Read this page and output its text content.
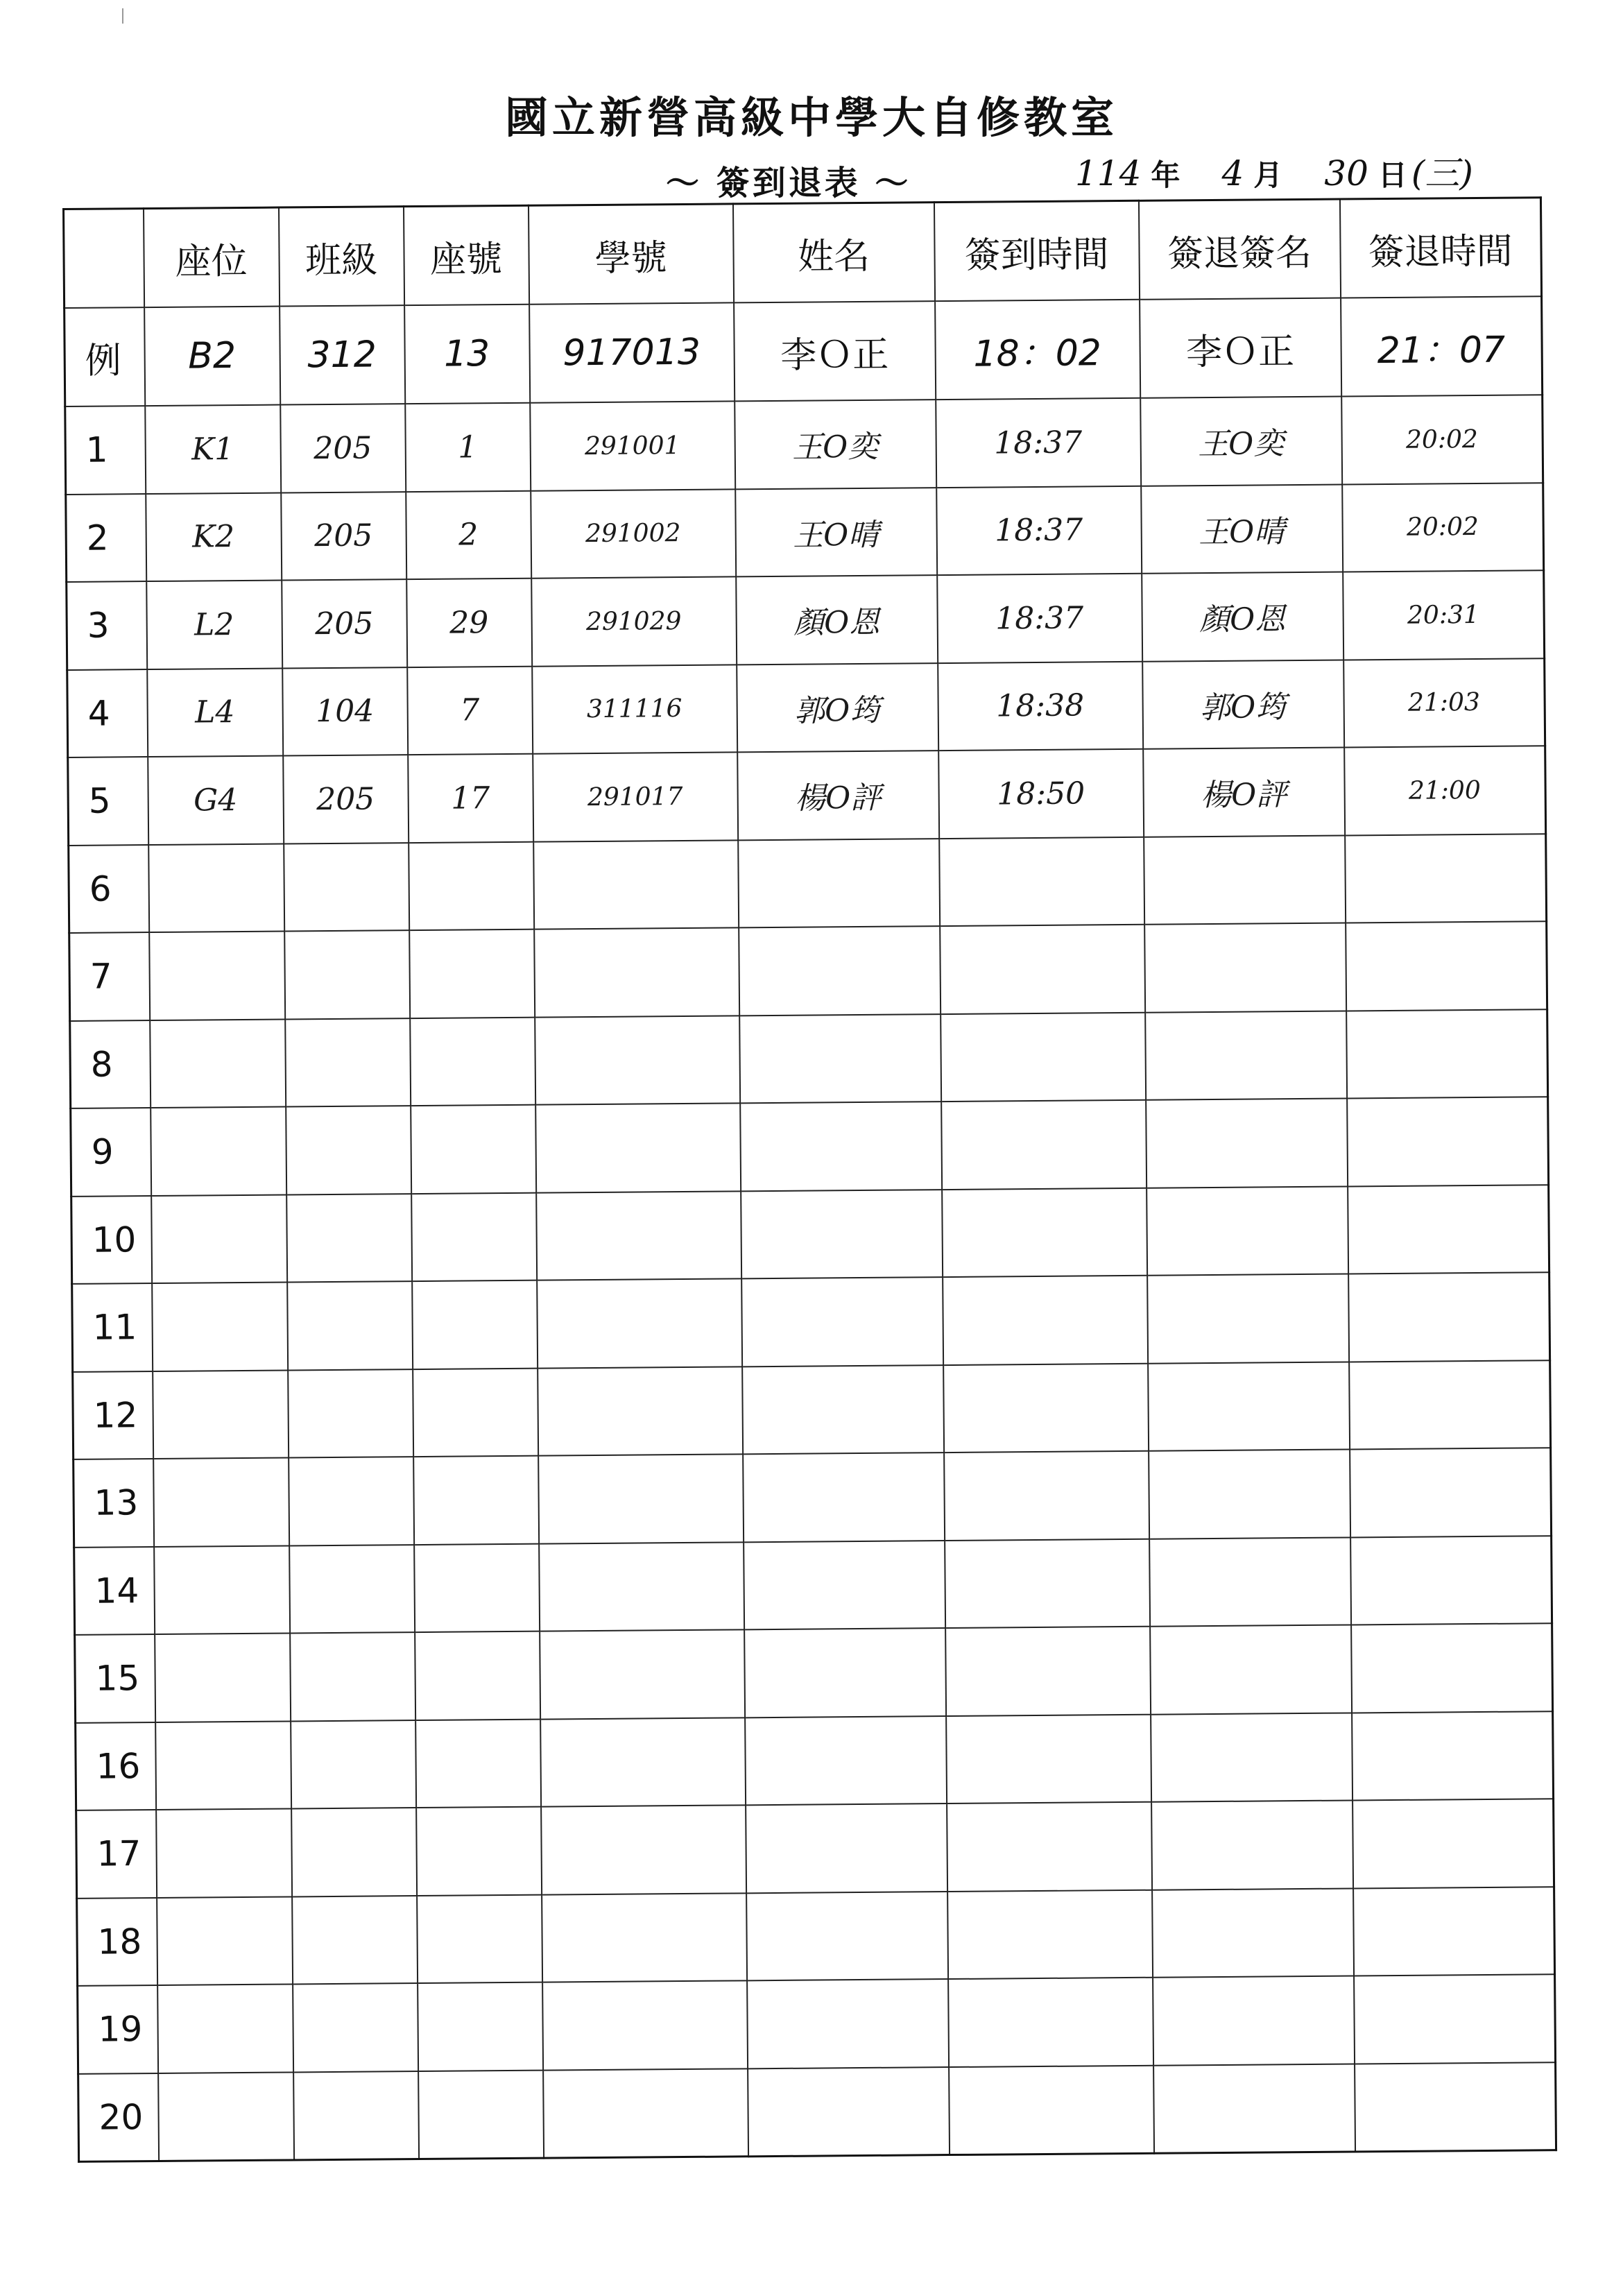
國立新營高級中學大自修教室
～ 簽到退表 ～	114 年 4 月 30 日 (三)
	座位	班級	座號	學號	姓名	簽到時間	簽退簽名	簽退時間
例	B2	312	13	917013	李Ｏ正	18：02	李Ｏ正	21：07
1	K1	205	1	291001	王O奕	18:37	王O奕	20:02
2	K2	205	2	291002	王O晴	18:37	王O晴	20:02
3	L2	205	29	291029	顏O恩	18:37	顏O恩	20:31
4	L4	104	7	311116	郭O筠	18:38	郭O筠	21:03
5	G4	205	17	291017	楊O評	18:50	楊O評	21:00
6								
7								
8								
9								
10								
11								
12								
13								
14								
15								
16								
17								
18								
19								
20								
